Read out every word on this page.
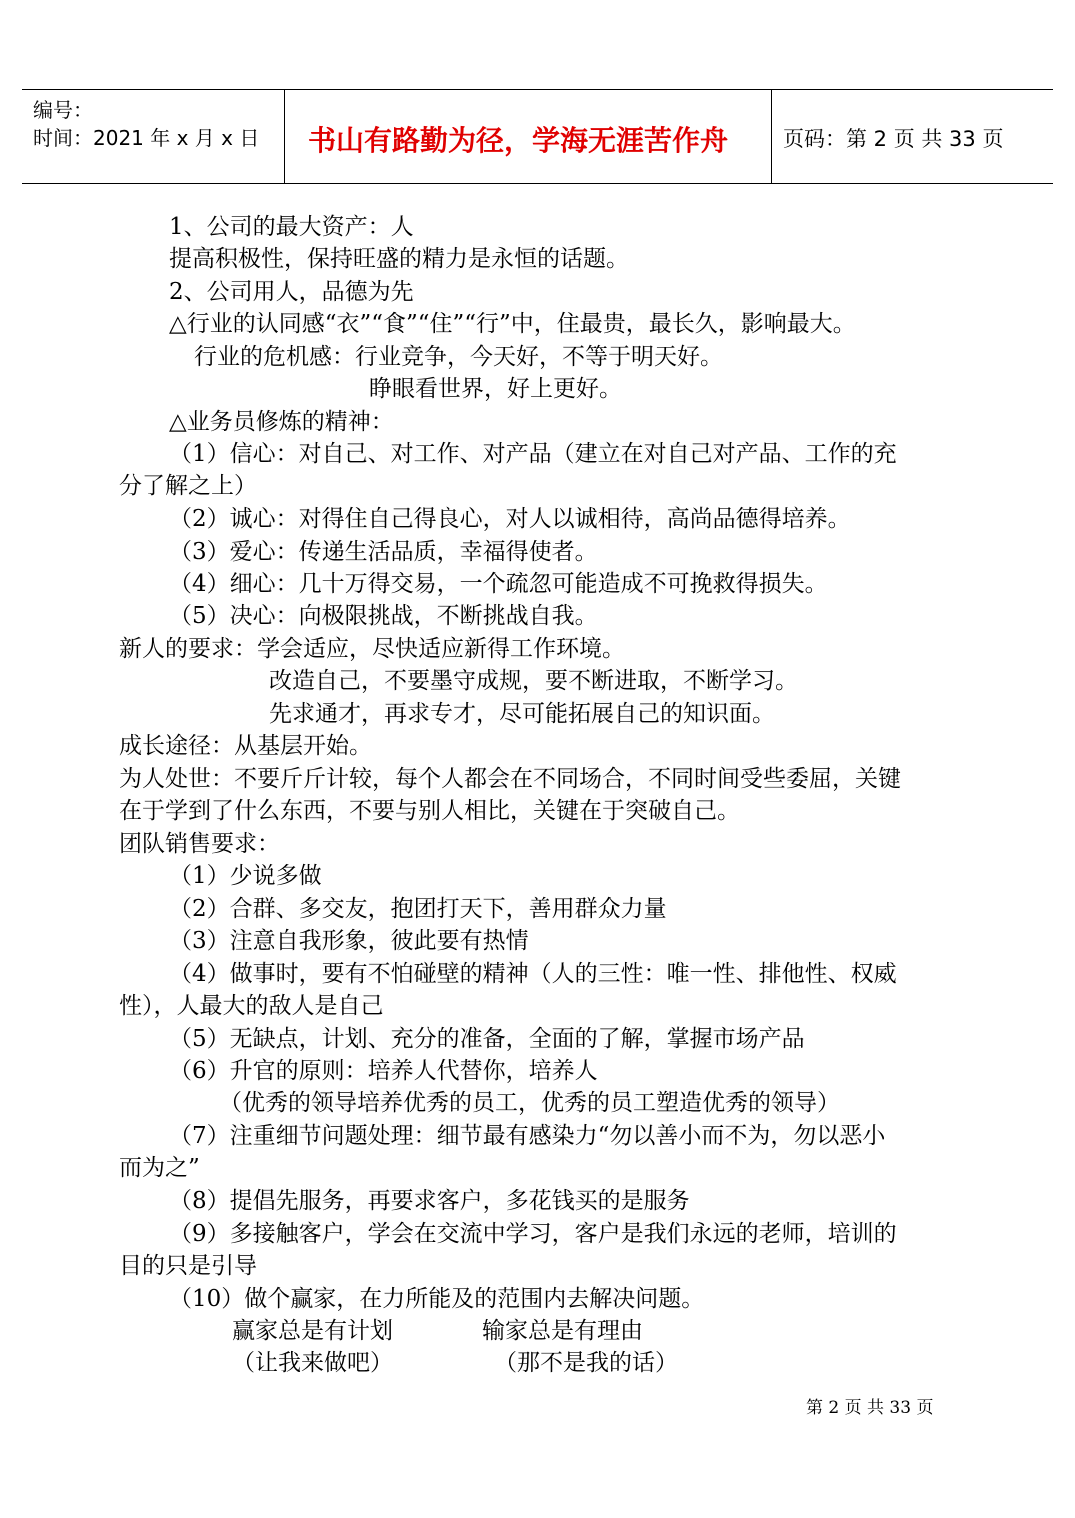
编号：
时间：2021 年 x 月 x 日 书山有路勤为径，学海无涯苦作舟	页码：第 2 页 共 33 页
1、公司的最大资产：人
提高积极性，保持旺盛的精力是永恒的话题。
2、公司用人，品德为先
△行业的认同感“衣”“食”“住”“行”中，住最贵，最长久，影响最大。
行业的危机感：行业竞争，今天好，不等于明天好。
睁眼看世界，好上更好。
△业务员修炼的精神：
（1）信心：对自己、对工作、对产品（建立在对自己对产品、工作的充
分了解之上）
（2）诚心：对得住自己得良心，对人以诚相待，高尚品德得培养。
（3）爱心：传递生活品质，幸福得使者。
（4）细心：几十万得交易，一个疏忽可能造成不可挽救得损失。
（5）决心：向极限挑战，不断挑战自我。
新人的要求：学会适应，尽快适应新得工作环境。
改造自己，不要墨守成规，要不断进取，不断学习。
先求通才，再求专才，尽可能拓展自己的知识面。
成长途径：从基层开始。
为人处世：不要斤斤计较，每个人都会在不同场合，不同时间受些委屈，关键
在于学到了什么东西，不要与别人相比，关键在于突破自己。
团队销售要求：
（1）少说多做
（2）合群、多交友，抱团打天下，善用群众力量
（3）注意自我形象，彼此要有热情
（4）做事时，要有不怕碰壁的精神（人的三性：唯一性、排他性、权威
性），人最大的敌人是自己
（5）无缺点，计划、充分的准备，全面的了解，掌握市场产品
（6）升官的原则：培养人代替你，培养人
（优秀的领导培养优秀的员工，优秀的员工塑造优秀的领导）
（7）注重细节问题处理：细节最有感染力“勿以善小而不为，勿以恶小
而为之”
（8）提倡先服务，再要求客户，多花钱买的是服务
（9）多接触客户，学会在交流中学习，客户是我们永远的老师，培训的
目的只是引导
（10）做个赢家，在力所能及的范围内去解决问题。
赢家总是有计划	输家总是有理由
（让我来做吧）	（那不是我的话）
第 2 页 共 33 页
